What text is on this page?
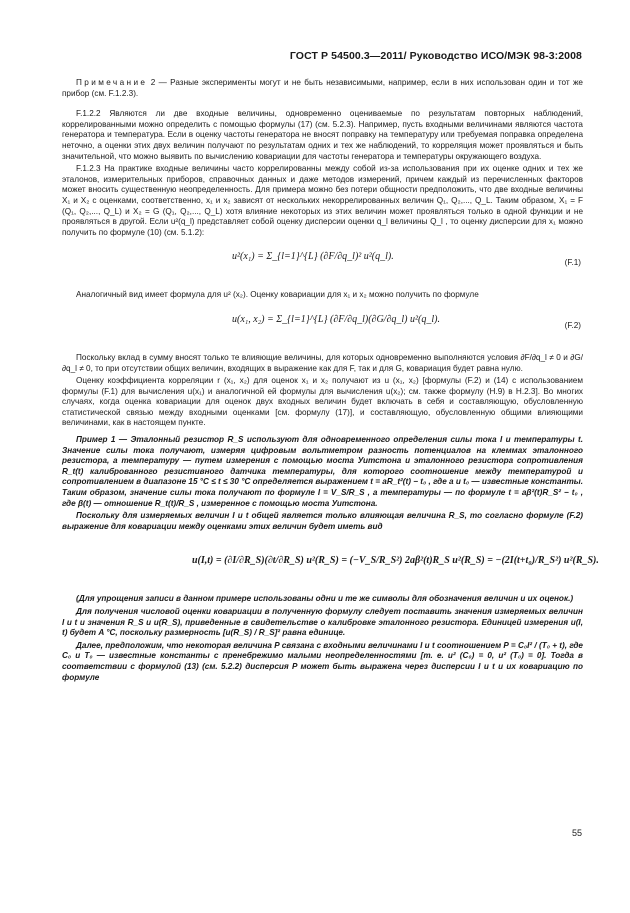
ГОСТ Р 54500.3—2011/ Руководство ИСО/МЭК 98-3:2008

Примечание 2 — Разные эксперименты могут и не быть независимыми, например, если в них использован один и тот же прибор (см. F.1.2.3).

F.1.2.2 Являются ли две входные величины, одновременно оцениваемые по результатам повторных наблюдений, коррелированными можно определить с помощью формулы (17) (см. 5.2.3). Например, пусть входными величинами являются частота генератора и температура. Если в оценку частоты генератора не вносят поправку на температуру или требуемая поправка определена неточно, а оценки этих двух величин получают по результатам одних и тех же наблюдений, то корреляция может проявляться и быть значительной, что можно выявить по вычислению ковариации для частоты генератора и температуры окружающего воздуха.

F.1.2.3 На практике входные величины часто коррелированны между собой из-за использования при их оценке одних и тех же эталонов, измерительных приборов, справочных данных и даже методов измерений, причем каждый из перечисленных факторов может вносить существенную неопределенность. Для примера можно без потери общности предположить, что две входные величины X₁ и X₂ с оценками, соответственно, x₁ и x₂ зависят от нескольких некоррелированных величин Q₁, Q₂,..., Q_L. Таким образом, X₁ = F (Q₁, Q₂,..., Q_L) и X₂ = G (Q₁, Q₂,..., Q_L) хотя влияние некоторых из этих величин может проявляться только в одной функции и не проявляться в другой. Если u²(q_l) представляет собой оценку дисперсии оценки q_l величины Q_l , то оценку дисперсии для x₁ можно получить по формуле (10) (см. 5.1.2):

u²(x₁) = Σ_{l=1}^{L} (∂F/∂q_l)² u²(q_l).
(F.1)

Аналогичный вид имеет формула для u² (x₂). Оценку ковариации для x₁ и x₂ можно получить по формуле

u(x₁, x₂) = Σ_{l=1}^{L} (∂F/∂q_l)(∂G/∂q_l) u²(q_l).
(F.2)

Поскольку вклад в сумму вносят только те влияющие величины, для которых одновременно выполняются условия ∂F/∂q_l ≠ 0 и ∂G/∂q_l ≠ 0, то при отсутствии общих величин, входящих в выражение как для F, так и для G, ковариация будет равна нулю.

Оценку коэффициента корреляции r (x₁, x₂) для оценок x₁ и x₂ получают из u (x₁, x₂) [формулы (F.2) и (14) с использованием формулы (F.1) для вычисления u(x₁) и аналогичной ей формулы для вычисления u(x₂); см. также формулу (H.9) в H.2.3]. Во многих случаях, когда оценка ковариации для оценок двух входных величин будет включать в себя и составляющую, обусловленную статистической связью между входными оценками [см. формулу (17)], и составляющую, обусловленную общими влияющими величинами, как в настоящем пункте.

Пример 1 — Эталонный резистор R_S используют для одновременного определения силы тока I и температуры t. Значение силы тока получают, измеряя цифровым вольтметром разность потенциалов на клеммах эталонного резистора, а температуру — путем измерения с помощью моста Уитстона и эталонного резистора сопротивления R_t(t) калиброванного резистивного датчика температуры, для которого соотношение между температурой и сопротивлением в диапазоне 15 °C ≤ t ≤ 30 °C определяется выражением t = aR_t²(t) − t₀ , где a и t₀ — известные константы. Таким образом, значение силы тока получают по формуле I = V_S/R_S , а температуры — по формуле t = aβ²(t)R_S² − t₀ , где β(t) — отношение R_t(t)/R_S , измеренное с помощью моста Уитстона.

Поскольку для измеряемых величин I и t общей является только влияющая величина R_S, то согласно формуле (F.2) выражение для ковариации между оценками этих величин будет иметь вид

u(I,t) = (∂I/∂R_S)(∂t/∂R_S) u²(R_S) = (−V_S/R_S²) 2aβ²(t)R_S u²(R_S) = −(2I(t+t₀)/R_S²) u²(R_S).

(Для упрощения записи в данном примере использованы одни и те же символы для обозначения величин и их оценок.)

Для получения числовой оценки ковариации в полученную формулу следует поставить значения измеряемых величин I и t и значения R_S и u(R_S), приведенные в свидетельстве о калибровке эталонного резистора. Единицей измерения u(I, t) будет A °C, поскольку размерность [u(R_S) / R_S]² равна единице.

Далее, предположим, что некоторая величина P связана с входными величинами I и t соотношением P = C₀I² / (T₀ + t), где C₀ и T₀ — известные константы с пренебрежимо малыми неопределенностями [т. е. u² (C₀) = 0, u² (T₀) = 0]. Тогда в соответствии с формулой (13) (см. 5.2.2) дисперсия P может быть выражена через дисперсии I и t и их ковариацию по формуле

55
